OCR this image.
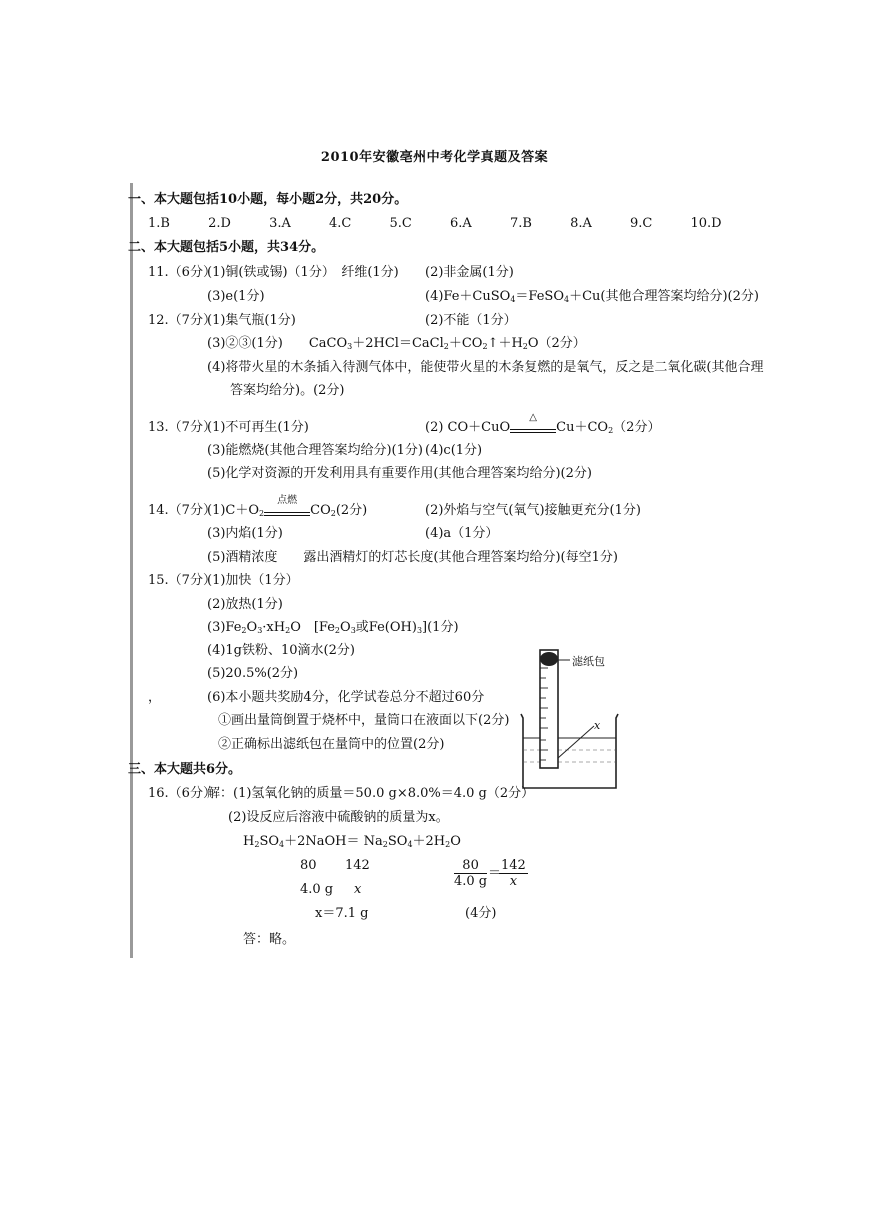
2010年安徽亳州中考化学真题及答案
一、本大题包括10小题，每小题2分，共20分。
1.B	2.D	3.A	4.C	5.C	6.A	7.B	8.A	9.C	10.D
二、本大题包括5小题，共34分。
11.（6分）
(1)铜(铁或锡)（1分）　纤维(1分) (2)非金属(1分)
(3)e(1分)	(4)Fe＋CuSO$_4$＝FeSO$_4$＋Cu(其他合理答案均给分)(2分)
12.（7分）
(1)集气瓶(1分)	(2)不能（1分）
(3)②③(1分)　　$CaCO_3+2HCl=CaCl_2+CO_2↑+H_2O(2$分）
(4)将带火星的木条插入待测气体中，能使带火星的木条复燃的是氧气，反之是二氧化碳(其他合理
答案均给分)。(2分)
13.（7分）
(1)不可再生(1分)	(2) CO＋CuO
△
$Cu+CO_2(2$分）
(3)能燃烧(其他合理答案均给分)(1分) (4)c(1分)
(5)化学对资源的开发利用具有重要作用(其他合理答案均给分)(2分)
14.（7分）
$(1)C+O_2$
点燃
$CO_2(2$分)	(2)外焰与空气(氧气)接触更充分(1分)
(3)内焰(1分)	(4)a（1分）
(5)酒精浓度　　露出酒精灯的灯芯长度(其他合理答案均给分)(每空1分)
15.（7分）
(1)加快（1分）
(2)放热(1分)
$(3)Fe_2O_3\cdot xH_2O$　[$Fe_2O_3$或$Fe(OH)_3](1$分)
(4)1g铁粉、10滴水(2分)
(5)20.5%(2分)
，	(6)本小题共奖励4分，化学试卷总分不超过60分
①画出量筒倒置于烧杯中，量筒口在液面以下(2分)
②正确标出滤纸包在量筒中的位置(2分)
滤纸包
x
三、本大题共6分。
16.（6分）
解：(1)氢氧化钠的质量＝50.0 g×8.0%＝4.0 g（2分）
(2)设反应后溶液中硫酸钠的质量为x。
$H_2SO_4+2NaOH= Na_2SO_4+2H_2O$
80 142
4.0 g x
$\frac{80}{4.0 g}$ ＝
$\frac{142}{x}$
x＝7.1 g	(4分)
答：略。
